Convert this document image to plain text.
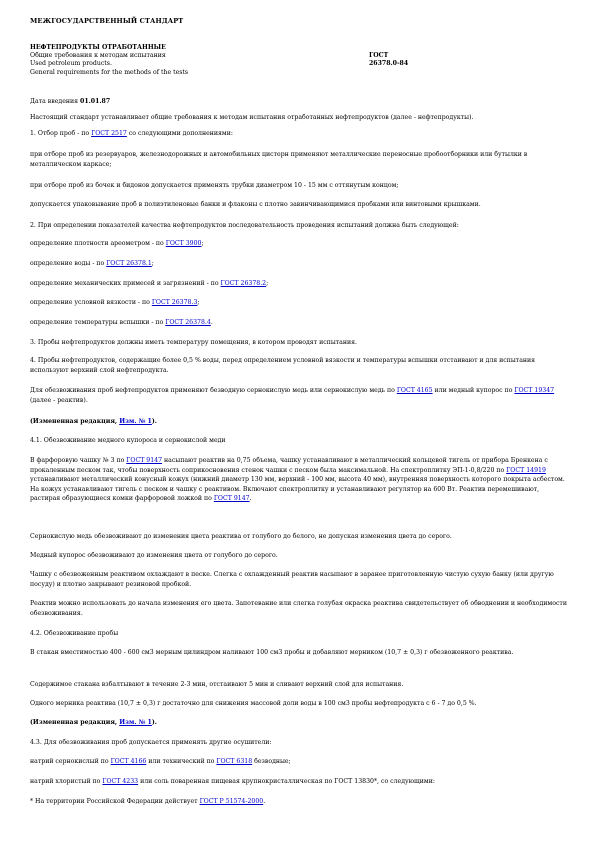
МЕЖГОСУДАРСТВЕННЫЙ СТАНДАРТ
НЕФТЕПРОДУКТЫ ОТРАБОТАННЫЕ
Общие требования к методам испытания
Used petroleum products.
General requirements for the methods of the tests
ГОСТ
26378.0-84
Дата введения 01.01.87
Настоящий стандарт устанавливает общие требования к методам испытания отработанных нефтепродуктов (далее - нефтепродукты).
1. Отбор проб - по ГОСТ 2517 со следующими дополнениями:
при отборе проб из резервуаров, железнодорожных и автомобильных цистерн применяют металлические переносные пробоотборники или бутылки в металлическом каркасе;
при отборе проб из бочек и бидонов допускается применять трубки диаметром 10 - 15 мм с оттянутым концом;
допускается упаковывание проб в полиэтиленовые банки и флаконы с плотно завинчивающимися пробками или винтовыми крышками.
2. При определении показателей качества нефтепродуктов последовательность проведения испытаний должна быть следующей:
определение плотности ареометром - по ГОСТ 3900;
определение воды - по ГОСТ 26378.1;
определение механических примесей и загрязнений - по ГОСТ 26378.2;
определение условной вязкости - по ГОСТ 26378.3;
определение температуры вспышки - по ГОСТ 26378.4.
3. Пробы нефтепродуктов должны иметь температуру помещения, в котором проводят испытания.
4. Пробы нефтепродуктов, содержащие более 0,5 % воды, перед определением условной вязкости и температуры вспышки отстаивают и для испытания используют верхний слой нефтепродукта.
Для обезвоживания проб нефтепродуктов применяют безводную сернокислую медь или сернокислую медь по ГОСТ 4165 или медный купорос по ГОСТ 19347 (далее - реактив).
(Измененная редакция, Изм. № 1).
4.1. Обезвоживание медного купороса и сернокислой меди
В фарфоровую чашку № 3 по ГОСТ 9147 насыпают реактив на 0,75 объема, чашку устанавливают в металлический кольцевой тигель от прибора Бренкена с прокаленным песком так, чтобы поверхность соприкосновения стенок чашки с песком была максимальной. На спектроплитку ЭП-1-0,8/220 по ГОСТ 14919 устанавливают металлический конусный кожух (нижний диаметр 130 мм, верхний - 100 мм, высота 40 мм), внутренняя поверхность которого покрыта асбестом. На кожух устанавливают тигель с песком и чашку с реактивом. Включают спектроплитку и устанавливают регулятор на 600 Вт. Реактив перемешивают, растирая образующиеся комки фарфоровой ложкой по ГОСТ 9147.
Сернокислую медь обезвоживают до изменения цвета реактива от голубого до белого, не допуская изменения цвета до серого.
Медный купорос обезвоживают до изменения цвета от голубого до серого.
Чашку с обезвоженным реактивом охлаждают в песке. Слегка с охлажденный реактив насыпают в заранее приготовленную чистую сухую банку (или другую посуду) и плотно закрывают резиновой пробкой.
Реактив можно использовать до начала изменения его цвета. Запотевание или слегка голубая окраска реактива свидетельствует об обводнении и необходимости обезвоживания.
4.2. Обезвоживание пробы
В стакан вместимостью 400 - 600 см3 мерным цилиндром наливают 100 см3 пробы и добавляют мерником (10,7 ± 0,3) г обезвоженного реактива.
Содержимое стакана взбалтывают в течение 2-3 мин, отстаивают 5 мин и сливают верхний слой для испытания.
Одного мерника реактива (10,7 ± 0,3) г достаточно для снижения массовой доли воды в 100 см3 пробы нефтепродукта с 6 - 7 до 0,5 %.
(Измененная редакция, Изм. № 1).
4.3. Для обезвоживания проб допускается применять другие осушители:
натрий сернокислый по ГОСТ 4166 или технический по ГОСТ 6318 безводные;
натрий хлористый по ГОСТ 4233 или соль поваренная пищевая крупнокристаллическая по ГОСТ 13830*, со следующими:
* На территории Российской Федерации действует ГОСТ Р 51574-2000.
